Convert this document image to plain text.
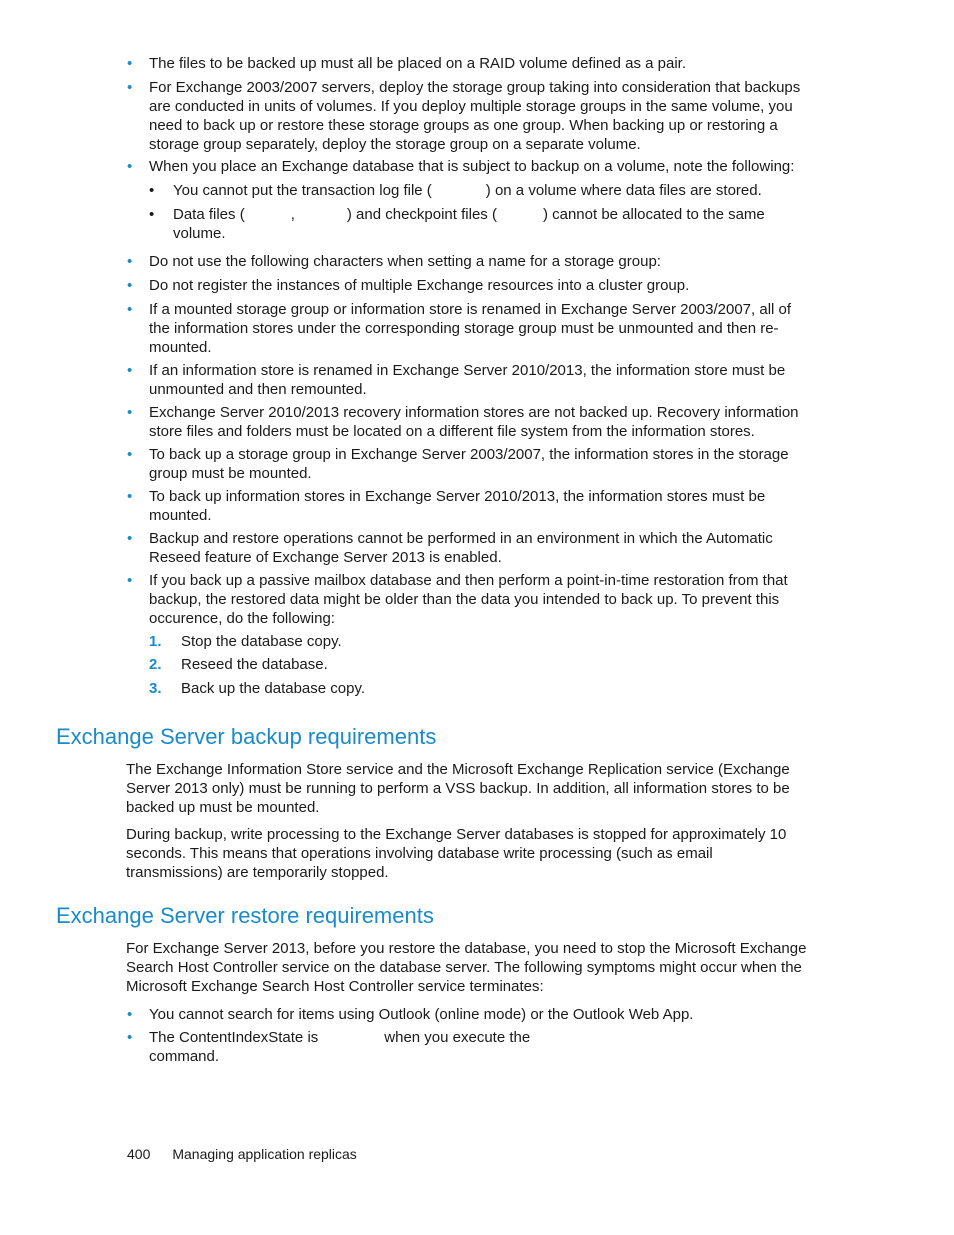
• The files to be backed up must all be placed on a RAID volume defined as a pair.
• For Exchange 2003/2007 servers, deploy the storage group taking into consideration that backups are conducted in units of volumes. If you deploy multiple storage groups in the same volume, you need to back up or restore these storage groups as one group. When backing up or restoring a storage group separately, deploy the storage group on a separate volume.
• When you place an Exchange database that is subject to backup on a volume, note the following:
• You cannot put the transaction log file (	) on a volume where data files are stored.
• Data files (	,	) and checkpoint files (	) cannot be allocated to the same volume.
• Do not use the following characters when setting a name for a storage group:
• Do not register the instances of multiple Exchange resources into a cluster group.
• If a mounted storage group or information store is renamed in Exchange Server 2003/2007, all of the information stores under the corresponding storage group must be unmounted and then re-mounted.
• If an information store is renamed in Exchange Server 2010/2013, the information store must be unmounted and then remounted.
• Exchange Server 2010/2013 recovery information stores are not backed up. Recovery information store files and folders must be located on a different file system from the information stores.
• To back up a storage group in Exchange Server 2003/2007, the information stores in the storage group must be mounted.
• To back up information stores in Exchange Server 2010/2013, the information stores must be mounted.
• Backup and restore operations cannot be performed in an environment in which the Automatic Reseed feature of Exchange Server 2013 is enabled.
• If you back up a passive mailbox database and then perform a point-in-time restoration from that backup, the restored data might be older than the data you intended to back up. To prevent this occurence, do the following:
1. Stop the database copy.
2. Reseed the database.
3. Back up the database copy.
Exchange Server backup requirements
The Exchange Information Store service and the Microsoft Exchange Replication service (Exchange Server 2013 only) must be running to perform a VSS backup. In addition, all information stores to be backed up must be mounted.
During backup, write processing to the Exchange Server databases is stopped for approximately 10 seconds. This means that operations involving database write processing (such as email transmissions) are temporarily stopped.
Exchange Server restore requirements
For Exchange Server 2013, before you restore the database, you need to stop the Microsoft Exchange Search Host Controller service on the database server. The following symptoms might occur when the Microsoft Exchange Search Host Controller service terminates:
• You cannot search for items using Outlook (online mode) or the Outlook Web App.
• The ContentIndexState is	when you execute the
command.
400 Managing application replicas
